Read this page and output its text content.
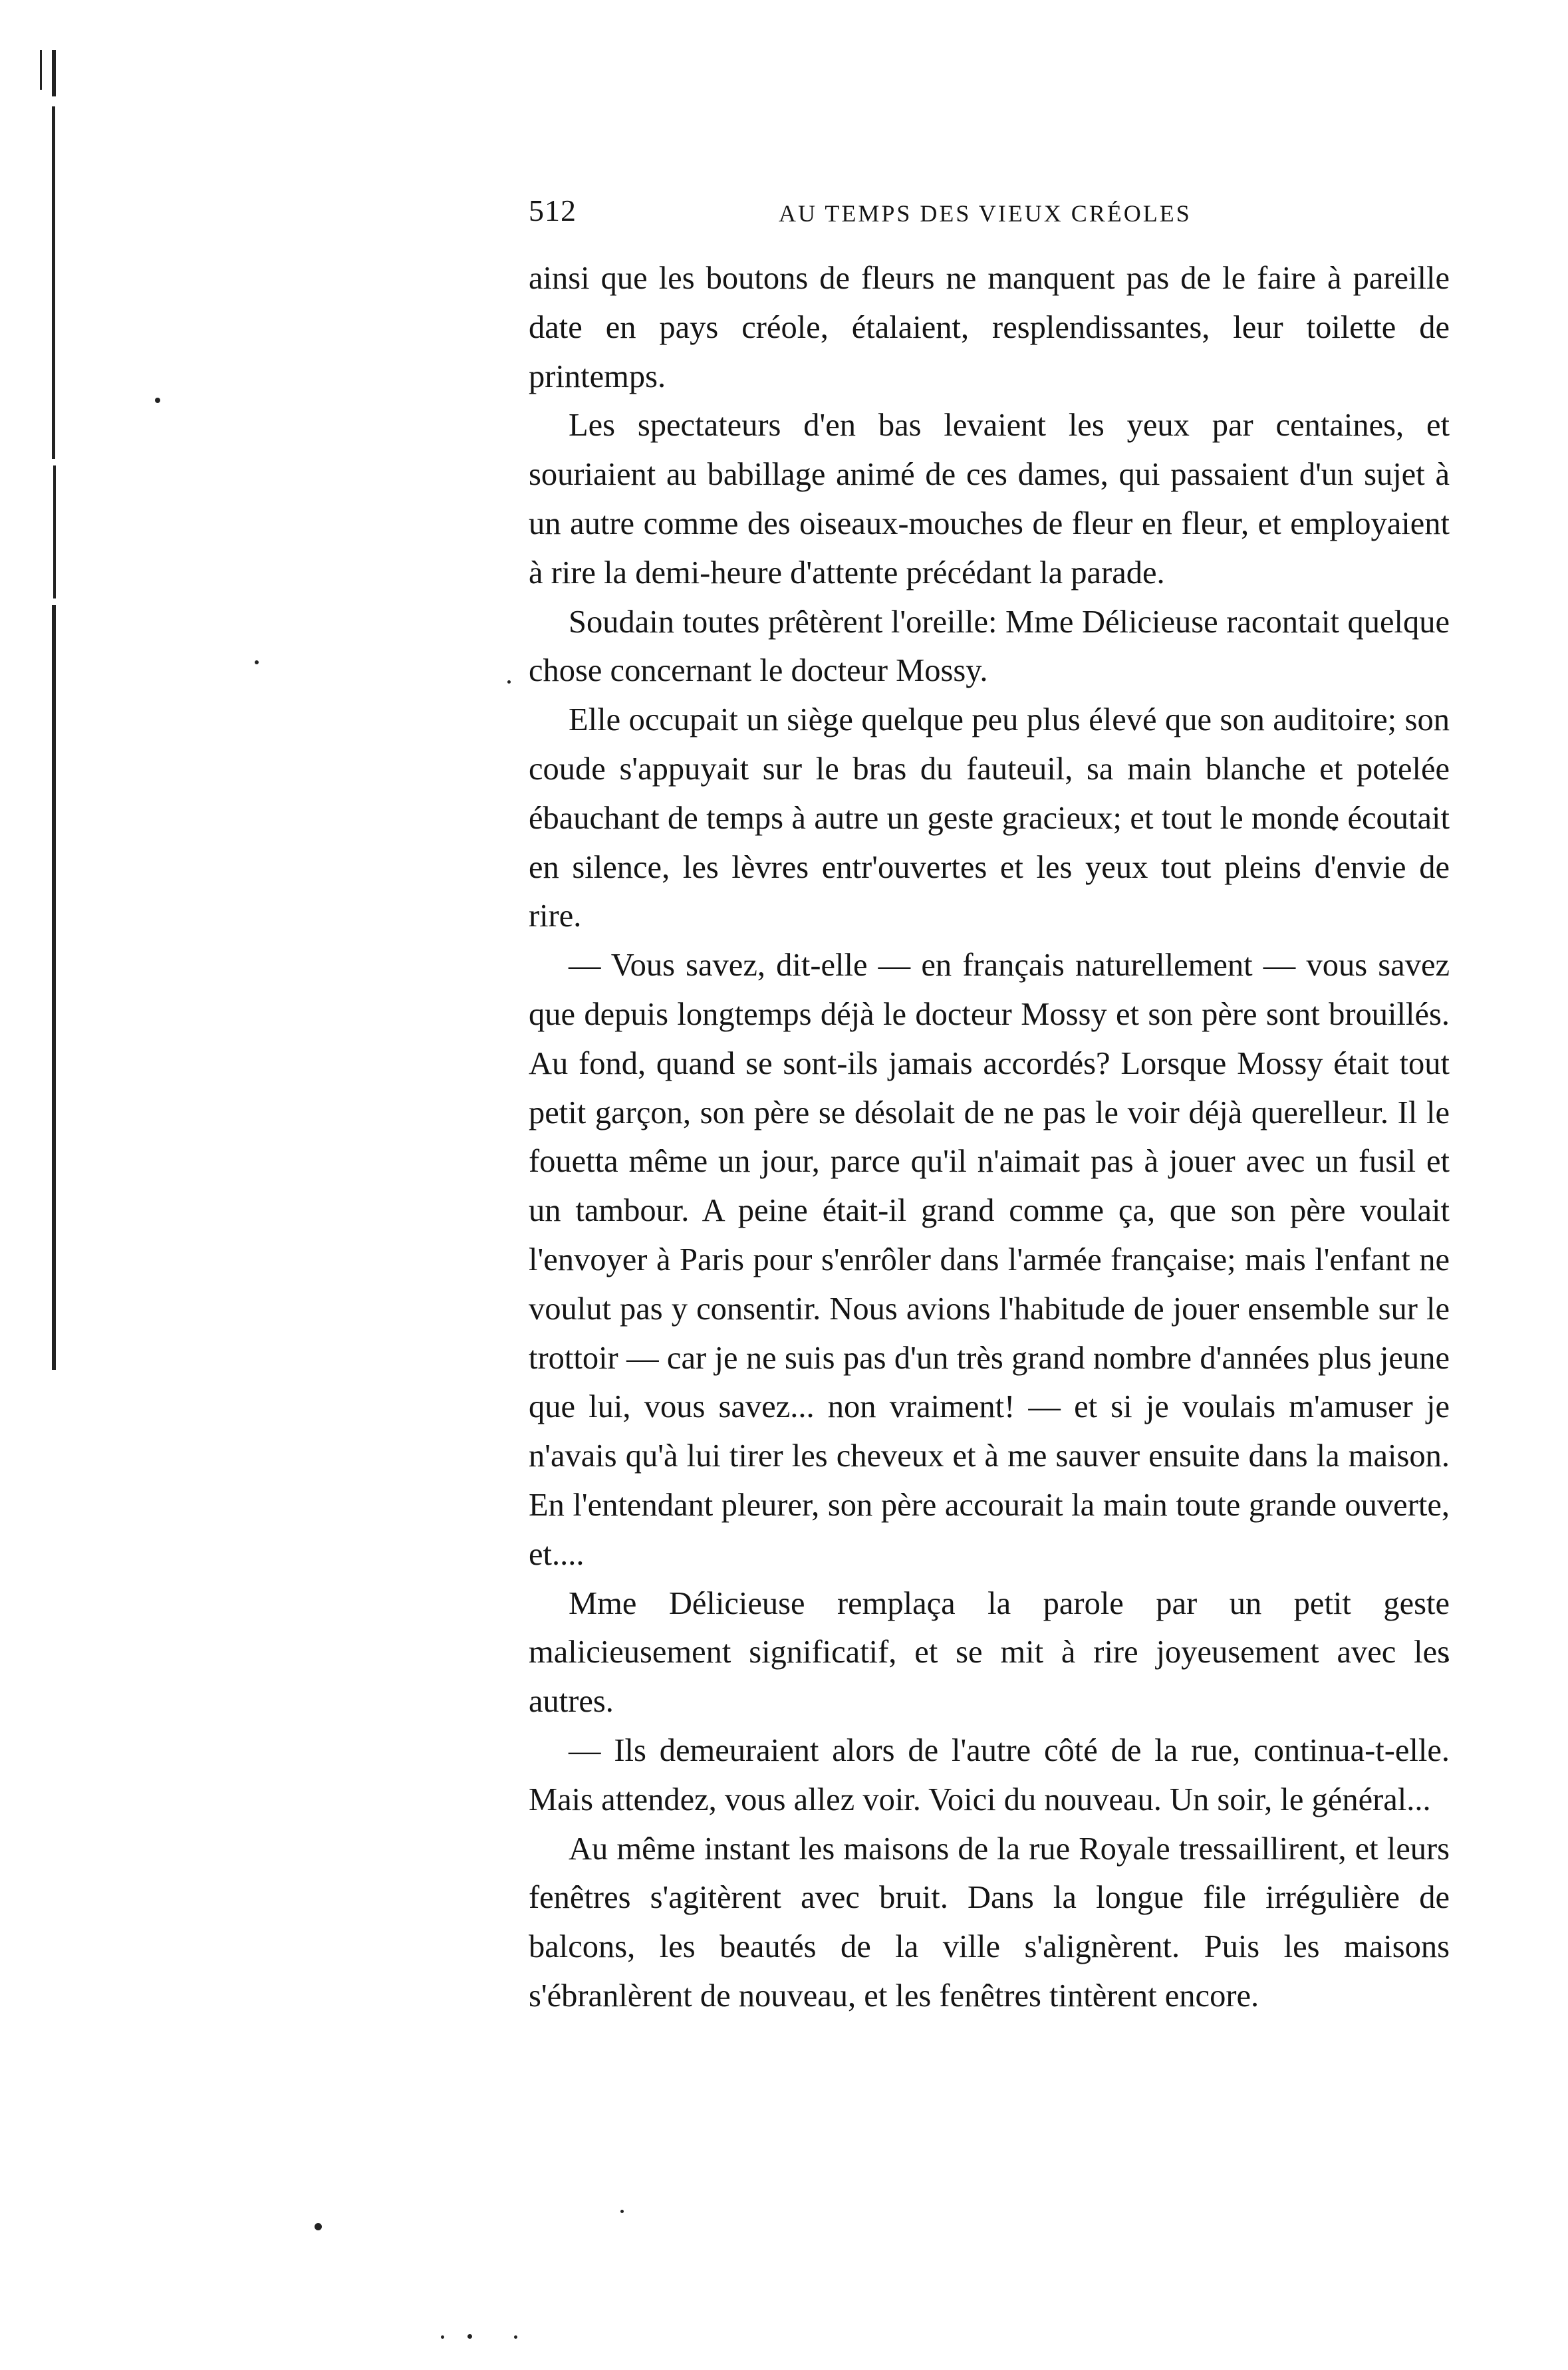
512	AU TEMPS DES VIEUX CRÉOLES

ainsi que les boutons de fleurs ne manquent pas de le faire à pareille date en pays créole, étalaient, resplendissantes, leur toilette de printemps.

Les spectateurs d'en bas levaient les yeux par centaines, et souriaient au babillage animé de ces dames, qui passaient d'un sujet à un autre comme des oiseaux-mouches de fleur en fleur, et employaient à rire la demi-heure d'attente précédant la parade.

Soudain toutes prêtèrent l'oreille: Mme Délicieuse racontait quelque chose concernant le docteur Mossy.

Elle occupait un siège quelque peu plus élevé que son auditoire; son coude s'appuyait sur le bras du fauteuil, sa main blanche et potelée ébauchant de temps à autre un geste gracieux; et tout le monde écoutait en silence, les lèvres entr'ouvertes et les yeux tout pleins d'envie de rire.

— Vous savez, dit-elle — en français naturellement — vous savez que depuis longtemps déjà le docteur Mossy et son père sont brouillés. Au fond, quand se sont-ils jamais accordés? Lorsque Mossy était tout petit garçon, son père se désolait de ne pas le voir déjà querelleur. Il le fouetta même un jour, parce qu'il n'aimait pas à jouer avec un fusil et un tambour. A peine était-il grand comme ça, que son père voulait l'envoyer à Paris pour s'enrôler dans l'armée française; mais l'enfant ne voulut pas y consentir. Nous avions l'habitude de jouer ensemble sur le trottoir — car je ne suis pas d'un très grand nombre d'années plus jeune que lui, vous savez... non vraiment! — et si je voulais m'amuser je n'avais qu'à lui tirer les cheveux et à me sauver ensuite dans la maison. En l'entendant pleurer, son père accourait la main toute grande ouverte, et....

Mme Délicieuse remplaça la parole par un petit geste malicieusement significatif, et se mit à rire joyeusement avec les autres.

— Ils demeuraient alors de l'autre côté de la rue, continua-t-elle. Mais attendez, vous allez voir. Voici du nouveau. Un soir, le général...

Au même instant les maisons de la rue Royale tressaillirent, et leurs fenêtres s'agitèrent avec bruit. Dans la longue file irrégulière de balcons, les beautés de la ville s'alignèrent. Puis les maisons s'ébranlèrent de nouveau, et les fenêtres tintèrent encore.
